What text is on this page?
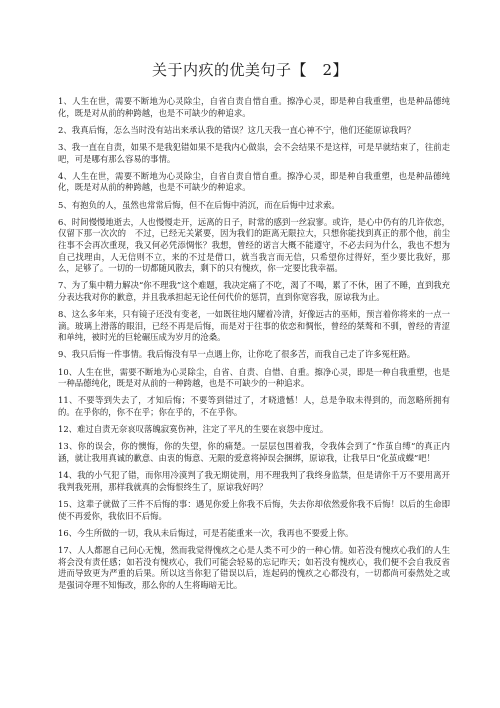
关于内疚的优美句子【　2】

1、人生在世，需要不断地为心灵除尘，自省自责自惜自重。擦净心灵，即是种自我重塑，也是种品德纯化，既是对从前的种跨越，也是不可缺少的种追求。

2、我真后悔，怎么当时没有站出来承认我的错误？这几天我一直心神不宁，他们还能原谅我吗？

3、我一直在自责，如果不是我犯错如果不是我内心做祟，会不会结果不是这样，可是早就结束了，往前走吧，可是哪有那么容易的事情。

4、人生在世，需要不断地为心灵除尘，自省自责自惜自重。擦净心灵，即是种自我重塑，也是种品德纯化，既是对从前的种跨越，也是不可缺少的种追求。

5、有抱负的人，虽然也常常后悔，但不在后悔中消沉，而在后悔中过求索。

6、时间慢慢地逝去，人也慢慢走开，远离的日子，时常的感到一丝寂寥。或许，是心中仍有的几许依恋，仅留下那一次次的　不过，已经无关紧要，因为我们的距离无限拉大，只想你能找到真正的那个他，前尘往事不会再次重现，我又何必凭添惆怅？我想，曾经的诺言大概不能遵守，不必去问为什么，我也不想为自己找理由，人无信则不立，来的不过是借口，就当我言而无信，只希望你过得好，至少要比我好，那么，足够了。一切的一切都随风散去，剩下的只有愧疚，你一定要比我幸福。

7、为了集中精力解决“你不理我”这个难题，我决定痛了不吃，渴了不喝，累了不休，困了不睡，直到我充分表达我对你的歉意，并且我承担起无论任何代价的惩罚，直到你宽容我，原谅我为止。

8、这么多年来，只有镜子还没有变老，一如既往地闪耀着冷清，好像远古的巫师，预言着你将来的一点一滴。玻璃上滑落的眼泪，已经不再是后悔，而是对于往事的依恋和惆怅，曾经的桀骜和不驯，曾经的青涩和单纯，被时光的巨轮碾压成为岁月的沧桑。

9、我只后悔一件事情。我后悔没有早一点遇上你，让你吃了很多苦，而我自己走了许多冤枉路。

10、人生在世，需要不断地为心灵除尘，自省、自责、自惜、自重。擦净心灵，即是一种自我重塑，也是一种品德纯化，既是对从前的一种跨越，也是不可缺少的一种追求。

11、不要等到失去了，才知后悔；不要等到错过了，才晓遗憾！人，总是争取未得到的，而忽略所拥有的。在乎你的，你不在乎；你在乎的，不在乎你。

12、难过自责无奈哀叹落魄寂寞伤神，注定了平凡的生要在哀怨中度过。

13、你的误会，你的懊悔，你的失望，你的痛楚。一层层包围着我，令我体会到了“作茧自缚”的真正内涵，就让我用真诚的歉意、由衷的悔意、无限的爱意将掉误会捆绑，原谅我，让我早日“化茧成蝶”吧！

14、我的小气犯了错，而你用冷漠判了我无期徒刑，用不理我判了我终身监禁，但是请你千万不要用离开我判我死刑，那样我就真的会悔恨终生了，原谅我好吗？

15、这辈子就做了三件不后悔的事：遇见你爱上你我不后悔，失去你却依然爱你我不后悔！以后的生命即使不再爱你，我依旧不后悔。

16、今生所做的一切，我从未后悔过，可是若能重来一次，我再也不要爱上你。

17、人人都愿自己问心无愧，然而我觉得愧疚之心是人类不可少的一种心情。如若没有愧疚心我们的人生将会没有责任感；如若没有愧疚心，我们可能会轻易的忘记昨天；如若没有愧疚心，我们便不会自我反省进而导致更为严重的后果。所以这当你犯了错误以后，连起码的愧疚之心都没有，一切都尚可泰然处之或是强词夺理不知悔改，那么你的人生将晦暗无比。
